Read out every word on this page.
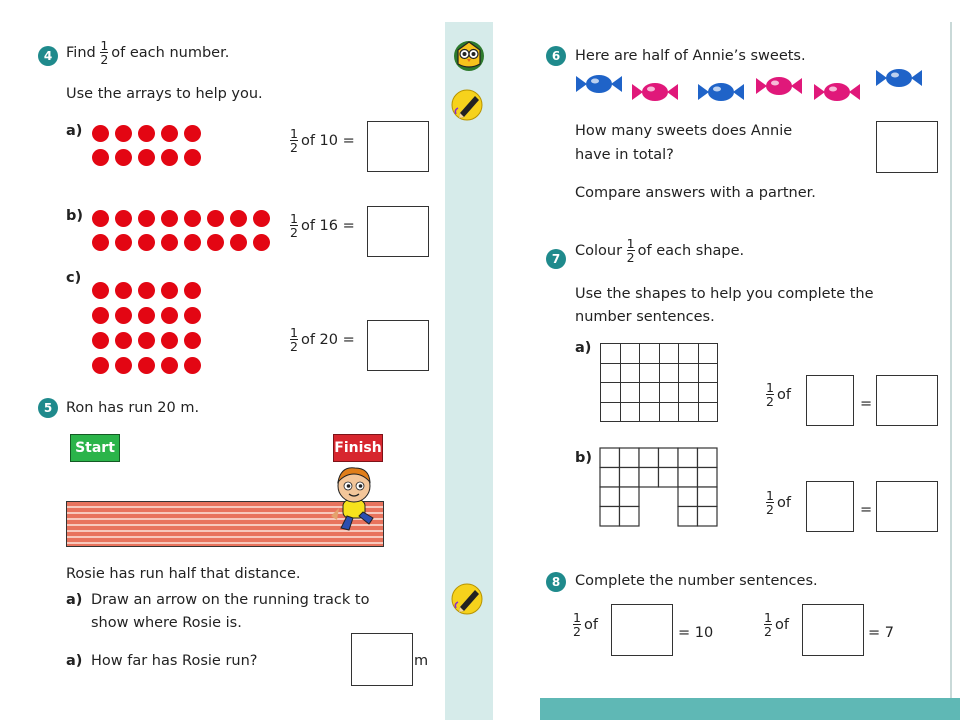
4 Find $\frac{1}{2}$ of each number.
Use the arrays to help you.
a)	$\frac{1}{2}$ of 10 =
b)	$\frac{1}{2}$ of 16 =
c)
$\frac{1}{2}$ of 20 =
5 Ron has run 20 m.
Start	Finish
Rosie has run half that distance.
a) Draw an arrow on the running track to
show where Rosie is.
a) How far has Rosie run?	m
6	Here are half of Annie’s sweets.
How many sweets does Annie
have in total?
Compare answers with a partner.
7	Colour $\frac{1}{2}$ of each shape.
Use the shapes to help you complete the
number sentences.
a)
$\frac{1}{2}$ of
=
b)
$\frac{1}{2}$ of	=
8	Complete the number sentences.
$\frac{1}{2}$ of	= 10	$\frac{1}{2}$ of	= 7
